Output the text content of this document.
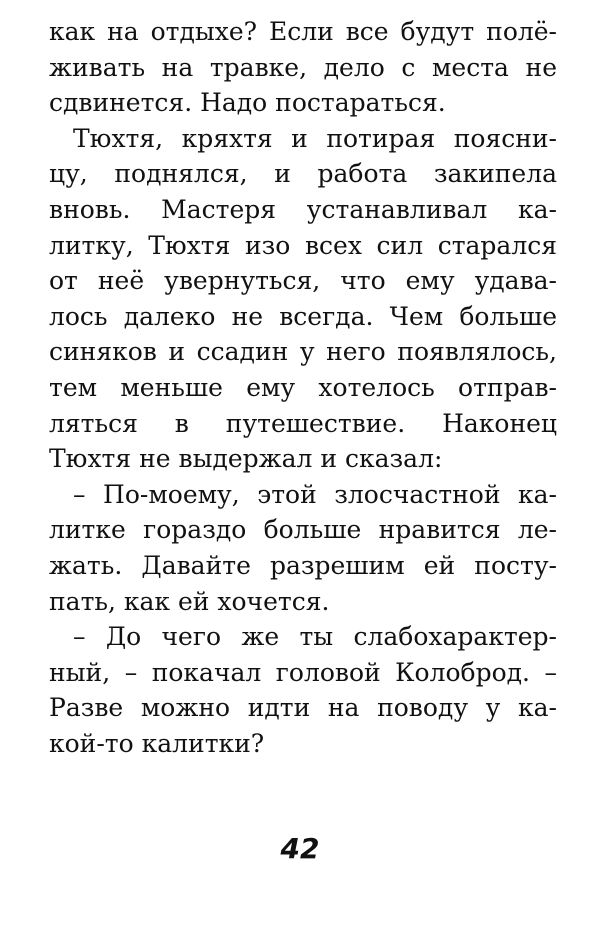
как на отдыхе? Если все будут полё-
живать на травке, дело с места не
сдвинется. Надо постараться.
Тюхтя, кряхтя и потирая поясни-
цу, поднялся, и работа закипела
вновь. Мастеря устанавливал ка-
литку, Тюхтя изо всех сил старался
от неё увернуться, что ему удава-
лось далеко не всегда. Чем больше
синяков и ссадин у него появлялось,
тем меньше ему хотелось отправ-
ляться в путешествие. Наконец
Тюхтя не выдержал и сказал:
– По-моему, этой злосчастной ка-
литке гораздо больше нравится ле-
жать. Давайте разрешим ей посту-
пать, как ей хочется.
– До чего же ты слабохарактер-
ный, – покачал головой Колоброд. –
Разве можно идти на поводу у ка-
кой-то калитки?
42
